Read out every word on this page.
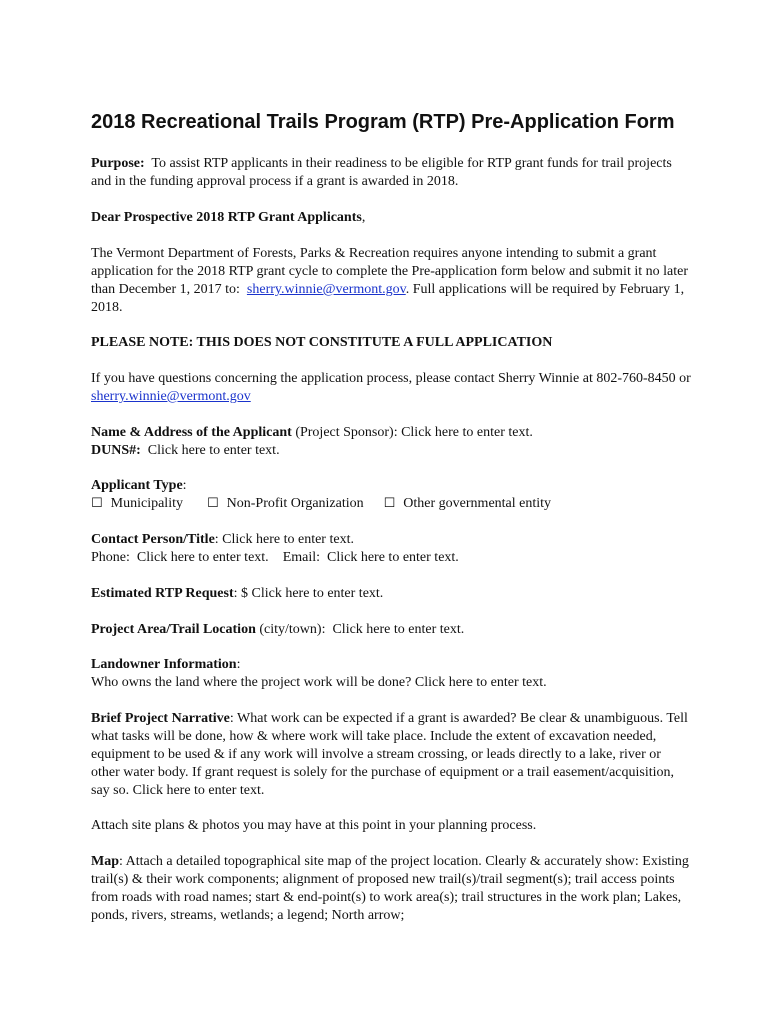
2018 Recreational Trails Program (RTP) Pre-Application Form

Purpose: To assist RTP applicants in their readiness to be eligible for RTP grant funds for trail projects and in the funding approval process if a grant is awarded in 2018.

Dear Prospective 2018 RTP Grant Applicants,

The Vermont Department of Forests, Parks & Recreation requires anyone intending to submit a grant application for the 2018 RTP grant cycle to complete the Pre-application form below and submit it no later than December 1, 2017 to:  sherry.winnie@vermont.gov. Full applications will be required by February 1, 2018.

PLEASE NOTE: THIS DOES NOT CONSTITUTE A FULL APPLICATION

If you have questions concerning the application process, please contact Sherry Winnie at 802-760-8450 or sherry.winnie@vermont.gov

Name & Address of the Applicant (Project Sponsor): Click here to enter text.

DUNS#: Click here to enter text.

Applicant Type:

☐ Municipality ☐ Non-Profit Organization ☐ Other governmental entity

Contact Person/Title: Click here to enter text.

Phone:  Click here to enter text. Email:  Click here to enter text.

Estimated RTP Request: $ Click here to enter text.

Project Area/Trail Location (city/town):  Click here to enter text.

Landowner Information:

Who owns the land where the project work will be done? Click here to enter text.

Brief Project Narrative: What work can be expected if a grant is awarded? Be clear & unambiguous. Tell what tasks will be done, how & where work will take place. Include the extent of excavation needed, equipment to be used & if any work will involve a stream crossing, or leads directly to a lake, river or other water body. If grant request is solely for the purchase of equipment or a trail easement/acquisition, say so. Click here to enter text.

Attach site plans & photos you may have at this point in your planning process.

Map: Attach a detailed topographical site map of the project location. Clearly & accurately show: Existing trail(s) & their work components; alignment of proposed new trail(s)/trail segment(s); trail access points from roads with road names; start & end-point(s) to work area(s); trail structures in the work plan; Lakes, ponds, rivers, streams, wetlands; a legend; North arrow;
